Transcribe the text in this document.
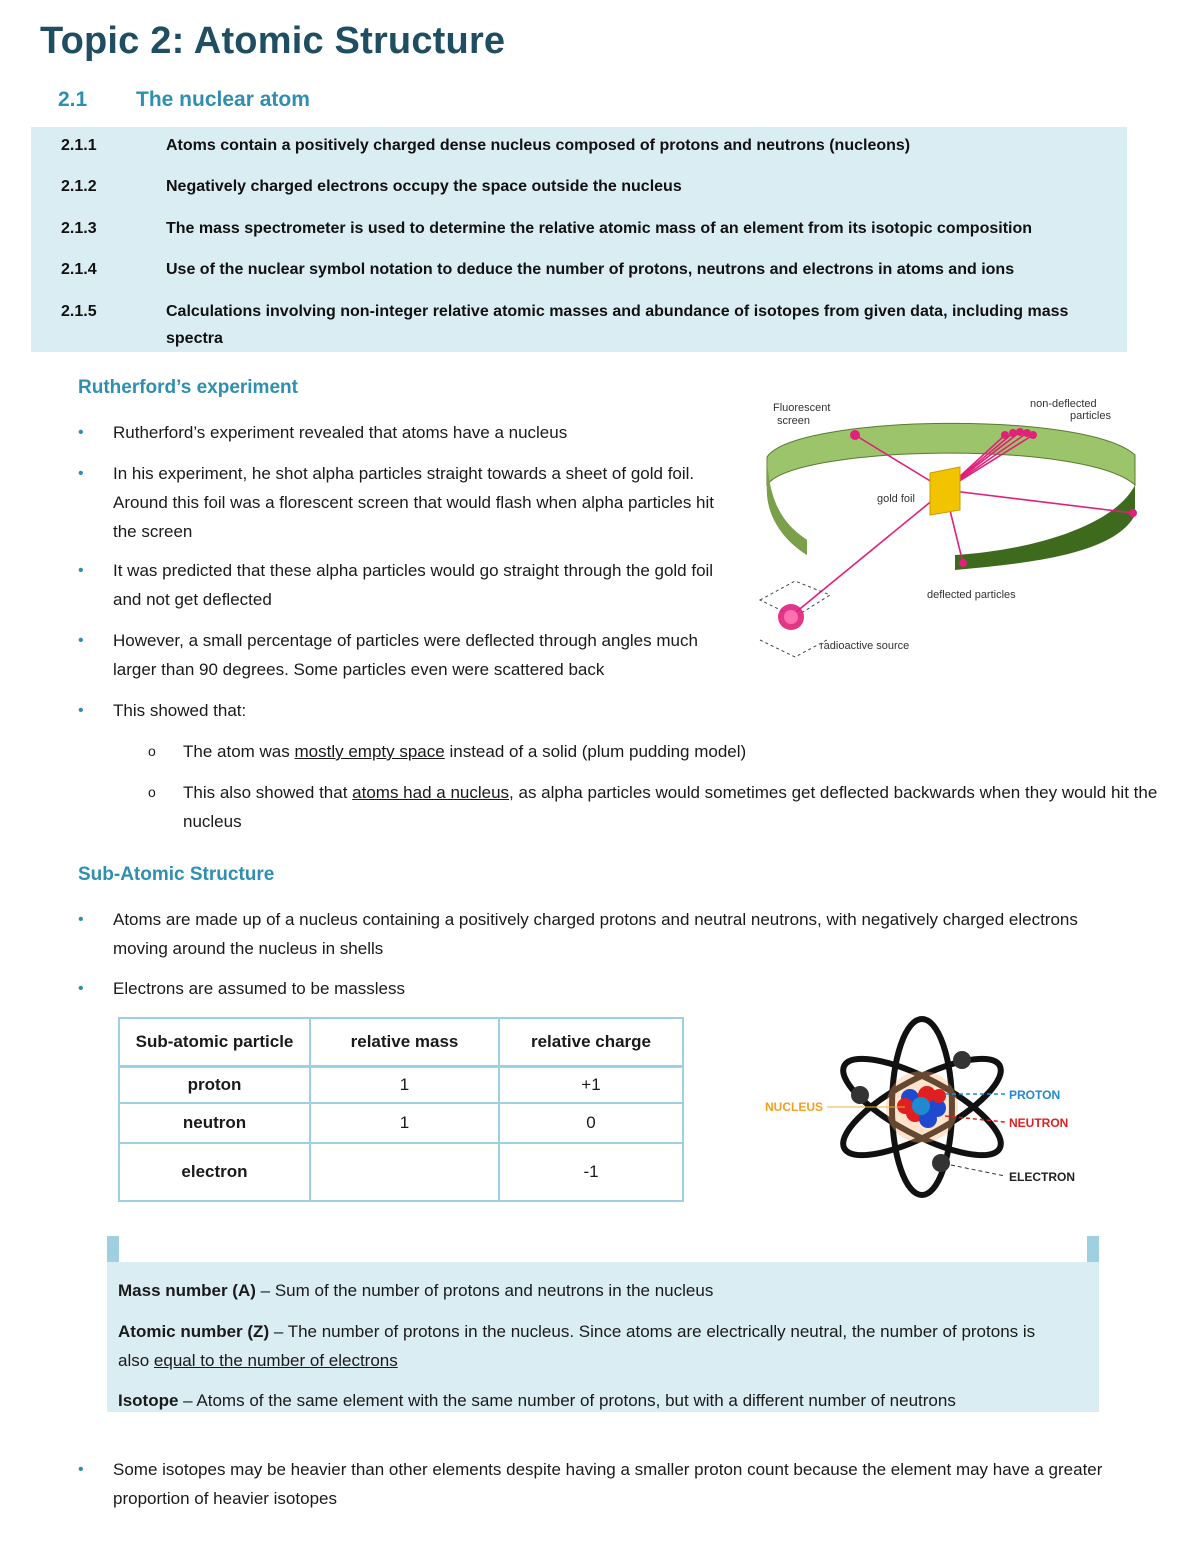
Topic 2: Atomic Structure
2.1 The nuclear atom
2.1.1	Atoms contain a positively charged dense nucleus composed of protons and neutrons (nucleons)
2.1.2	Negatively charged electrons occupy the space outside the nucleus
2.1.3	The mass spectrometer is used to determine the relative atomic mass of an element from its isotopic composition
2.1.4	Use of the nuclear symbol notation to deduce the number of protons, neutrons and electrons in atoms and ions
2.1.5	Calculations involving non-integer relative atomic masses and abundance of isotopes from given data, including mass spectra
Rutherford’s experiment
• Rutherford’s experiment revealed that atoms have a nucleus
• In his experiment, he shot alpha particles straight towards a sheet of gold foil. Around this foil was a florescent screen that would flash when alpha particles hit the screen
• It was predicted that these alpha particles would go straight through the gold foil and not get deflected
• However, a small percentage of particles were deflected through angles much larger than 90 degrees. Some particles even were scattered back
• This showed that:
o The atom was mostly empty space instead of a solid (plum pudding model)
o This also showed that atoms had a nucleus, as alpha particles would sometimes get deflected backwards when they would hit the nucleus
Fluorescent screen
non-deflected particles
gold foil
deflected particles
radioactive source
Sub-Atomic Structure
• Atoms are made up of a nucleus containing a positively charged protons and neutral neutrons, with negatively charged electrons moving around the nucleus in shells
• Electrons are assumed to be massless
Sub-atomic particle	relative mass	relative charge
proton	1	+1
neutron	1	0
electron		-1
NUCLEUS
PROTON
NEUTRON
ELECTRON
Mass number (A) – Sum of the number of protons and neutrons in the nucleus
Atomic number (Z) – The number of protons in the nucleus. Since atoms are electrically neutral, the number of protons is also equal to the number of electrons
Isotope – Atoms of the same element with the same number of protons, but with a different number of neutrons
• Some isotopes may be heavier than other elements despite having a smaller proton count because the element may have a greater proportion of heavier isotopes
